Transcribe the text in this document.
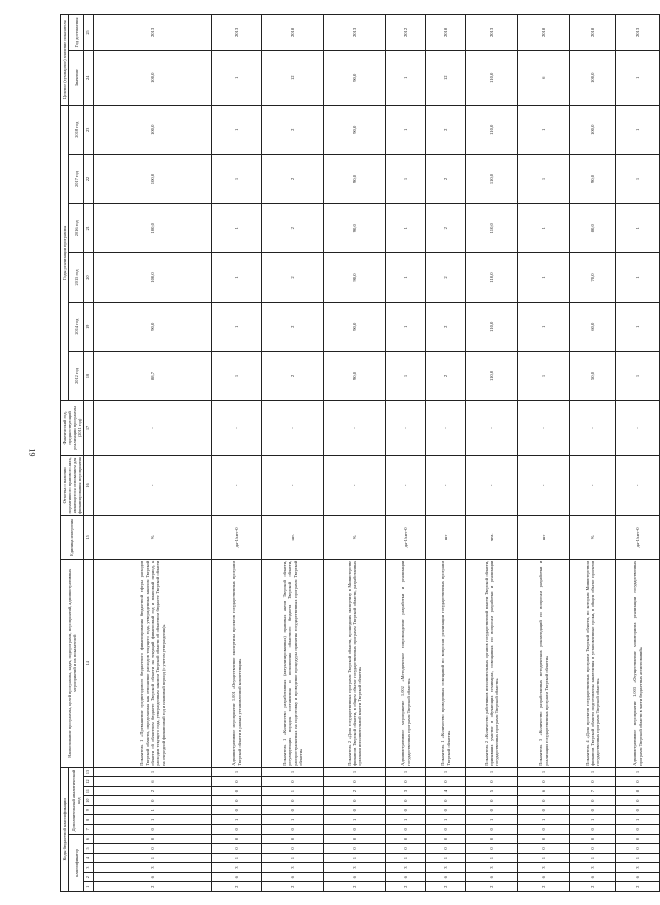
19
Коды бюджетной классификации													Наименование программы, целей программы, задач, подпрограмм, мероприятий, административных мероприятий и их показателей	Единица измерения	Отметка о наличии нормативного правового акта, являющегося основанием для финансирования мероприятия	Фактический год, предшествующий реализации программы (2011 год)	Годы реализации программы						Целевое (суммарное) значение показателя	
классификатор						Дополнительный аналитический код											2012 год	2014 год	2015 год	2016 год	2017 год	2018 год	Значение	Год достижения
1	2	3	4	5	6	7	8	9	10	11	12	13	14	15	16	17	18	19	20	21	22	23	24	25
2	6	3	1	0	0	0	1	1	0	2	6	1	Показатель 1 «Превышение среднегодового бюджетного финансирования бюджетной сферы расходов Тверской области, определяемая как отношение расходов текущего года, утвержденных законом Тверской области об областном бюджете Тверской области на текущий финансовый год и плановый период, к расходам текущего года, утвержденным законом Тверской области об областном бюджете Тверской области на очередной финансовый год и плановый период (с учетом утверждения)»	%	-	-	88,7	90,0	100,0	100,0	100,0	100,0	100,0	2013
2	6	3	1	0	0	0	1	0	0	0	0	1	Административное мероприятие 1.001 «Осуществление экспертизы проектов государственных программ Тверской области в рамках установленной компетенции»	да-1/нет-0	-	-	1	1	1	1	1	1	1	2013
2	6	3	1	0	0	0	1	0	0	1	0	1	Показатель 1 «Количество разработанных (актуализированных) правовых актов Тверской области, регулирующих порядок составления и исполнения областного бюджета Тверской области, распространяемых на подготовку и проведение процедуры принятия государственных программ Тверской области»	шт.	-	-	2	2	2	2	2	2	12	2018
2	6	3	1	0	0	0	1	0	0	2	0	1	Показатель 2 «Доля государственных программ Тверской области, прошедших экспертизу в Министерстве финансов Тверской области, в общем объеме государственных программ Тверской области, разработанных органами исполнительной власти Тверской области»	%	-	-	90,0	90,0	90,0	90,0	90,0	90,0	90,0	2013
2	6	3	1	0	0	0	1	0	0	3	0	1	Административное мероприятие 1.002 «Методическое сопровождение разработки и реализации государственных программ Тверской области»	да-1/нет-0	-	-	1	1	1	1	1	1	1	2012
2	6	3	1	0	0	0	1	0	0	4	0	1	Показатель 1 «Количество проведенных совещаний по вопросам реализации государственных программ Тверской области»	шт	-	-	2	2	2	2	2	2	12	2018
2	6	3	1	0	0	0	1	0	0	5	0	1	Показатель 2 «Количество работников исполнительных органов государственной власти Тверской области, принявших участие в обучающих семинарах, совещаниях по вопросам разработки и реализации государственных программ Тверской области»	чел.	-	-	110,0	110,0	110,0	110,0	110,0	110,0	110,0	2013
2	6	3	1	0	0	0	1	0	0	6	0	1	Показатель 3 «Количество разработанных методических рекомендаций по вопросам разработки и реализации государственных программ Тверской области»	шт	-	-	1	1	1	1	1	1	6	2018
2	6	3	1	0	0	0	1	0	0	7	0	1	Показатель 4 «Доля проектов государственных программ Тверской области, по которым Министерством финансов Тверской области подготовлены заключения в установленные сроки, в общем объеме проектов государственных программ Тверской области»	%	-	-	50,0	60,0	70,0	80,0	90,0	100,0	100,0	2018
2	6	3	1	0	0	0	1	0	0	8	0	1	Административное мероприятие 1.003 «Осуществление мониторинга реализации государственных программ Тверской области в части бюджетных ассигнований»	да-1/нет-0	-	-	1	1	1	1	1	1	1	2013
